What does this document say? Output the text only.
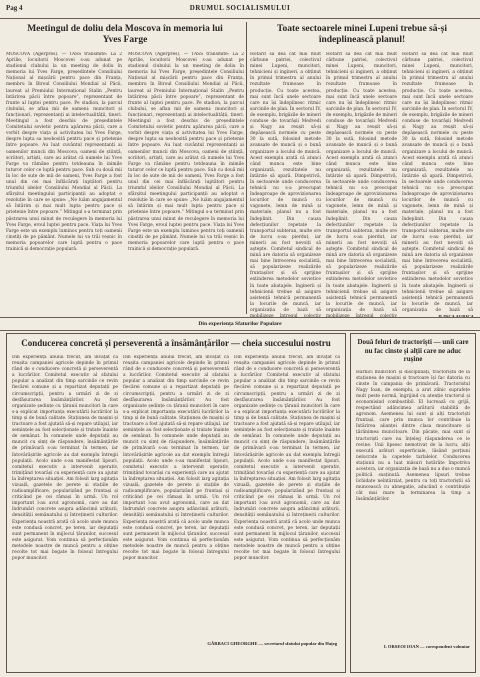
Pag 4	DRUMUL SOCIALISMULUI
Meetingul de doliu dela Moscova în memoria lui Yves Farge
MOSCOVA (Agerpres). — TASS transmite: La 2 Aprilie, locuitorii Moscovei s-au adunat pe stadionul clubului la un meeting de doliu în memoria lui Yves Farge, președintele Consiliului Național al mișcării pentru pace din Franța, membru în Biroul Consiliului Mondial al Păcii, laureat al Premiului Internațional Stalin „Pentru întărirea păcii între popoare”, reprezentant de frunte al luptei pentru pace. Pe stadion, la parcul clubului, se aflau mii de oameni: muncitori și funcționari, reprezentanți ai intelectualității, tineri. Meetingul a fost deschis de președintele Comitetului sovietic pentru apărarea păcii, care a vorbit despre viața și activitatea lui Yves Farge, despre lupta sa neobosită pentru pace și prietenie între popoare. Au luat cuvântul reprezentanți ai oamenilor muncii din Moscova, oameni de știință, scriitori, artiști, care au arătat că numele lui Yves Farge va rămâne pentru totdeauna în inimile tuturor celor ce luptă pentru pace. Sub cu două mii în loc de sute de mii de oameni, Yves Farge a fost unul din cei mai înflăcărați luptători pentru triumful ideilor Consiliului Mondial al Păcii. La sfârșitul meetingului participanții au adoptat o rezoluție în care se spune: „Ne luăm angajamentul să întărim și mai mult lupta pentru pace și prietenie între popoare.” Mitingul s-a terminat prin păstrarea unui minut de reculegere în memoria lui Yves Farge, eroul luptei pentru pace. Viața lui Yves Farge este un exemplu luminos pentru toți oamenii cinstiți de pe pământ. Numele lui va trăi veșnic în memoria popoarelor care luptă pentru o pace trainică și democrație populară.
MOSCOVA (Agerpres). — TASS transmite: La 2 Aprilie, locuitorii Moscovei s-au adunat pe stadionul clubului la un meeting de doliu în memoria lui Yves Farge, președintele Consiliului Național al mișcării pentru pace din Franța, membru în Biroul Consiliului Mondial al Păcii, laureat al Premiului Internațional Stalin „Pentru întărirea păcii între popoare”, reprezentant de frunte al luptei pentru pace. Pe stadion, la parcul clubului, se aflau mii de oameni: muncitori și funcționari, reprezentanți ai intelectualității, tineri. Meetingul a fost deschis de președintele Comitetului sovietic pentru apărarea păcii, care a vorbit despre viața și activitatea lui Yves Farge, despre lupta sa neobosită pentru pace și prietenie între popoare. Au luat cuvântul reprezentanți ai oamenilor muncii din Moscova, oameni de știință, scriitori, artiști, care au arătat că numele lui Yves Farge va rămâne pentru totdeauna în inimile tuturor celor ce luptă pentru pace. Sub cu două mii în loc de sute de mii de oameni, Yves Farge a fost unul din cei mai înflăcărați luptători pentru triumful ideilor Consiliului Mondial al Păcii. La sfârșitul meetingului participanții au adoptat o rezoluție în care se spune: „Ne luăm angajamentul să întărim și mai mult lupta pentru pace și prietenie între popoare.” Mitingul s-a terminat prin păstrarea unui minut de reculegere în memoria lui Yves Farge, eroul luptei pentru pace. Viața lui Yves Farge este un exemplu luminos pentru toți oamenii cinstiți de pe pământ. Numele lui va trăi veșnic în memoria popoarelor care luptă pentru o pace trainică și democrație populară.
Toate sectoarele minei Lupeni trebue să-și îndeplinească planul!
Hotărît să dea cât mai mult cărbune patriei, colectivul minei Lupeni, muncitori, tehnicieni și ingineri, a obținut în primul trimestru al anului rezultate frumoase în producție. Cu toate acestea, mai sunt încă unele sectoare care nu își îndeplinesc ritmic sarcinile de plan. În sectorul IV, de exemplu, brigăzile de mineri conduse de tovarășii Medvedi și Nagy au reușit să-și depășească normele cu peste 30 la sută, folosind metode avansate de muncă și o bună organizare a locului de muncă. Acest exemplu arată că atunci când munca este bine organizată, rezultatele nu întârzie să apară. Dimpotrivă, în sectoarele unde conducerea tehnică nu s-a preocupat îndeaproape de aprovizionarea locurilor de muncă cu vagonete, lemn de mină și materiale, planul nu a fost îndeplinit. Din cauza defecțiunilor repetate la transportul subteran, multe ore de lucru s-au pierdut, iar minerii au fost nevoiți să aștepte. Comitetul sindical de mină are datoria să organizeze mai bine întrecerea socialistă, să popularizeze realizările fruntașilor și să sprijine extinderea metodelor sovietice în toate abatajele. Inginerii și tehnicienii trebue să asigure asistență tehnică permanentă la locurile de muncă, iar organizația de bază să mobilizeze întregul colectiv
Hotărît să dea cât mai mult cărbune patriei, colectivul minei Lupeni, muncitori, tehnicieni și ingineri, a obținut în primul trimestru al anului rezultate frumoase în producție. Cu toate acestea, mai sunt încă unele sectoare care nu își îndeplinesc ritmic sarcinile de plan. În sectorul IV, de exemplu, brigăzile de mineri conduse de tovarășii Medvedi și Nagy au reușit să-și depășească normele cu peste 30 la sută, folosind metode avansate de muncă și o bună organizare a locului de muncă. Acest exemplu arată că atunci când munca este bine organizată, rezultatele nu întârzie să apară. Dimpotrivă, în sectoarele unde conducerea tehnică nu s-a preocupat îndeaproape de aprovizionarea locurilor de muncă cu vagonete, lemn de mină și materiale, planul nu a fost îndeplinit. Din cauza defecțiunilor repetate la transportul subteran, multe ore de lucru s-au pierdut, iar minerii au fost nevoiți să aștepte. Comitetul sindical de mină are datoria să organizeze mai bine întrecerea socialistă, să popularizeze realizările fruntașilor și să sprijine extinderea metodelor sovietice în toate abatajele. Inginerii și tehnicienii trebue să asigure asistență tehnică permanentă la locurile de muncă, iar organizația de bază să mobilizeze întregul colectiv
Hotărît să dea cât mai mult cărbune patriei, colectivul minei Lupeni, muncitori, tehnicieni și ingineri, a obținut în primul trimestru al anului rezultate frumoase în producție. Cu toate acestea, mai sunt încă unele sectoare care nu își îndeplinesc ritmic sarcinile de plan. În sectorul IV, de exemplu, brigăzile de mineri conduse de tovarășii Medvedi și Nagy au reușit să-și depășească normele cu peste 30 la sută, folosind metode avansate de muncă și o bună organizare a locului de muncă. Acest exemplu arată că atunci când munca este bine organizată, rezultatele nu întârzie să apară. Dimpotrivă, în sectoarele unde conducerea tehnică nu s-a preocupat îndeaproape de aprovizionarea locurilor de muncă cu vagonete, lemn de mină și materiale, planul nu a fost îndeplinit. Din cauza defecțiunilor repetate la transportul subteran, multe ore de lucru s-au pierdut, iar minerii au fost nevoiți să aștepte. Comitetul sindical de mină are datoria să organizeze mai bine întrecerea socialistă, să popularizeze realizările fruntașilor și să sprijine extinderea metodelor sovietice în toate abatajele. Inginerii și tehnicienii trebue să asigure asistență tehnică permanentă la locurile de muncă, iar organizația de bază să
ILINCA AURICA
Din experiența Sfaturilor Populare
Conducerea concretă și perseverentă a însămânțărilor — cheia succesului nostru
Din experiența anului trecut, am învățat că reușita campaniei agricole depinde în primul rând de o conducere concretă și perseverentă a lucrărilor. Comitetul executiv al sfatului popular a analizat din timp sarcinile ce revin fiecărei comune și a repartizat deputații pe circumscripții, pentru a urmări zi de zi desfășurarea însămânțărilor. Au fost organizate ședințe cu țăranii muncitori în care s-a explicat importanța executării lucrărilor la timp și de bună calitate. Stațiunea de mașini și tractoare a fost ajutată să-și repare utilajul, iar semințele au fost selecționate și tratate înainte de semănat. În comunele unde deputații au muncit cu simț de răspundere, însămânțările de primăvară s-au terminat în termen, iar întovărășirile agricole au dat exemplu întregii populații. Acolo unde s-au manifestat lipsuri, comitetul executiv a intervenit operativ, trimițând tovarăși cu experiență care au ajutat la îndreptarea situației. Am folosit larg agitația vizuală, gazetele de perete și stațiile de radioamplificare, popularizând pe fruntași și criticând pe cei rămași în urmă. Un rol important l-au avut agronomii, care au dat îndrumări concrete asupra adâncimii arăturii, densității semănatului și întreținerii culturilor. Experiența noastră arată că acolo unde munca este condusă concret, pe teren, iar deputații sunt permanent în mijlocul țăranilor, succesul este asigurat. Vom continua să perfecționăm metodele noastre de muncă pentru a obține recolte tot mai bogate în folosul întregului popor muncitor.
Din experiența anului trecut, am învățat că reușita campaniei agricole depinde în primul rând de o conducere concretă și perseverentă a lucrărilor. Comitetul executiv al sfatului popular a analizat din timp sarcinile ce revin fiecărei comune și a repartizat deputații pe circumscripții, pentru a urmări zi de zi desfășurarea însămânțărilor. Au fost organizate ședințe cu țăranii muncitori în care s-a explicat importanța executării lucrărilor la timp și de bună calitate. Stațiunea de mașini și tractoare a fost ajutată să-și repare utilajul, iar semințele au fost selecționate și tratate înainte de semănat. În comunele unde deputații au muncit cu simț de răspundere, însămânțările de primăvară s-au terminat în termen, iar întovărășirile agricole au dat exemplu întregii populații. Acolo unde s-au manifestat lipsuri, comitetul executiv a intervenit operativ, trimițând tovarăși cu experiență care au ajutat la îndreptarea situației. Am folosit larg agitația vizuală, gazetele de perete și stațiile de radioamplificare, popularizând pe fruntași și criticând pe cei rămași în urmă. Un rol important l-au avut agronomii, care au dat îndrumări concrete asupra adâncimii arăturii, densității semănatului și întreținerii culturilor. Experiența noastră arată că acolo unde munca este condusă concret, pe teren, iar deputații sunt permanent în mijlocul țăranilor, succesul este asigurat. Vom continua să perfecționăm metodele noastre de muncă pentru a obține recolte tot mai bogate în folosul întregului popor muncitor.
Din experiența anului trecut, am învățat că reușita campaniei agricole depinde în primul rând de o conducere concretă și perseverentă a lucrărilor. Comitetul executiv al sfatului popular a analizat din timp sarcinile ce revin fiecărei comune și a repartizat deputații pe circumscripții, pentru a urmări zi de zi desfășurarea însămânțărilor. Au fost organizate ședințe cu țăranii muncitori în care s-a explicat importanța executării lucrărilor la timp și de bună calitate. Stațiunea de mașini și tractoare a fost ajutată să-și repare utilajul, iar semințele au fost selecționate și tratate înainte de semănat. În comunele unde deputații au muncit cu simț de răspundere, însămânțările de primăvară s-au terminat în termen, iar întovărășirile agricole au dat exemplu întregii populații. Acolo unde s-au manifestat lipsuri, comitetul executiv a intervenit operativ, trimițând tovarăși cu experiență care au ajutat la îndreptarea situației. Am folosit larg agitația vizuală, gazetele de perete și stațiile de radioamplificare, popularizând pe fruntași și criticând pe cei rămași în urmă. Un rol important l-au avut agronomii, care au dat îndrumări concrete asupra adâncimii arăturii, densității semănatului și întreținerii culturilor. Experiența noastră arată că acolo unde munca este condusă concret, pe teren, iar deputații sunt permanent în mijlocul țăranilor, succesul este asigurat. Vom continua să perfecționăm metodele noastre de muncă pentru a obține recolte tot mai bogate în folosul întregului popor muncitor.
GÂRBACI GHEORGHE — secretarul sfatului popular din Hațeg
Două feluri de tractoriști — unii care nu fac cinste și alții care ne aduc rușine
Harnici muncitori și disciplinați, tractoriștii de la stațiunea de mașini și tractoare își fac datoria cu cinste în campania de primăvară. Tractoristul Nagy Ioan, de exemplu, a arat zilnic suprafețe mult peste normă, îngrijind cu atenție tractorul și economisind combustibil. El lucrează cu grijă, respectând adâncimea arăturii stabilită de agronom. Asemenea lui sunt și alți tractoriști fruntași, care prin munca lor contribuie la întărirea alianței dintre clasa muncitoare și țărănimea muncitoare. Din păcate, mai sunt și tractoriști care nu înțeleg răspunderea ce le revine. Unii lipsesc nemotivat de la lucru, alții execută arături superficiale, lăsând porțiuni nelucrate la capetele tarlalelor. Conducerea stațiunii nu a luat măsuri hotărâte împotriva acestora, iar organizația de bază nu a dus o muncă politică susținută. Asemenea lipsuri trebue lichidate neîntârziat, pentru ca toți tractoriștii să muncească cu abnegație, aducând o contribuție cât mai mare la terminarea la timp a însămânțărilor.
I. ORSEOI IOAN — corespondent voluntar
